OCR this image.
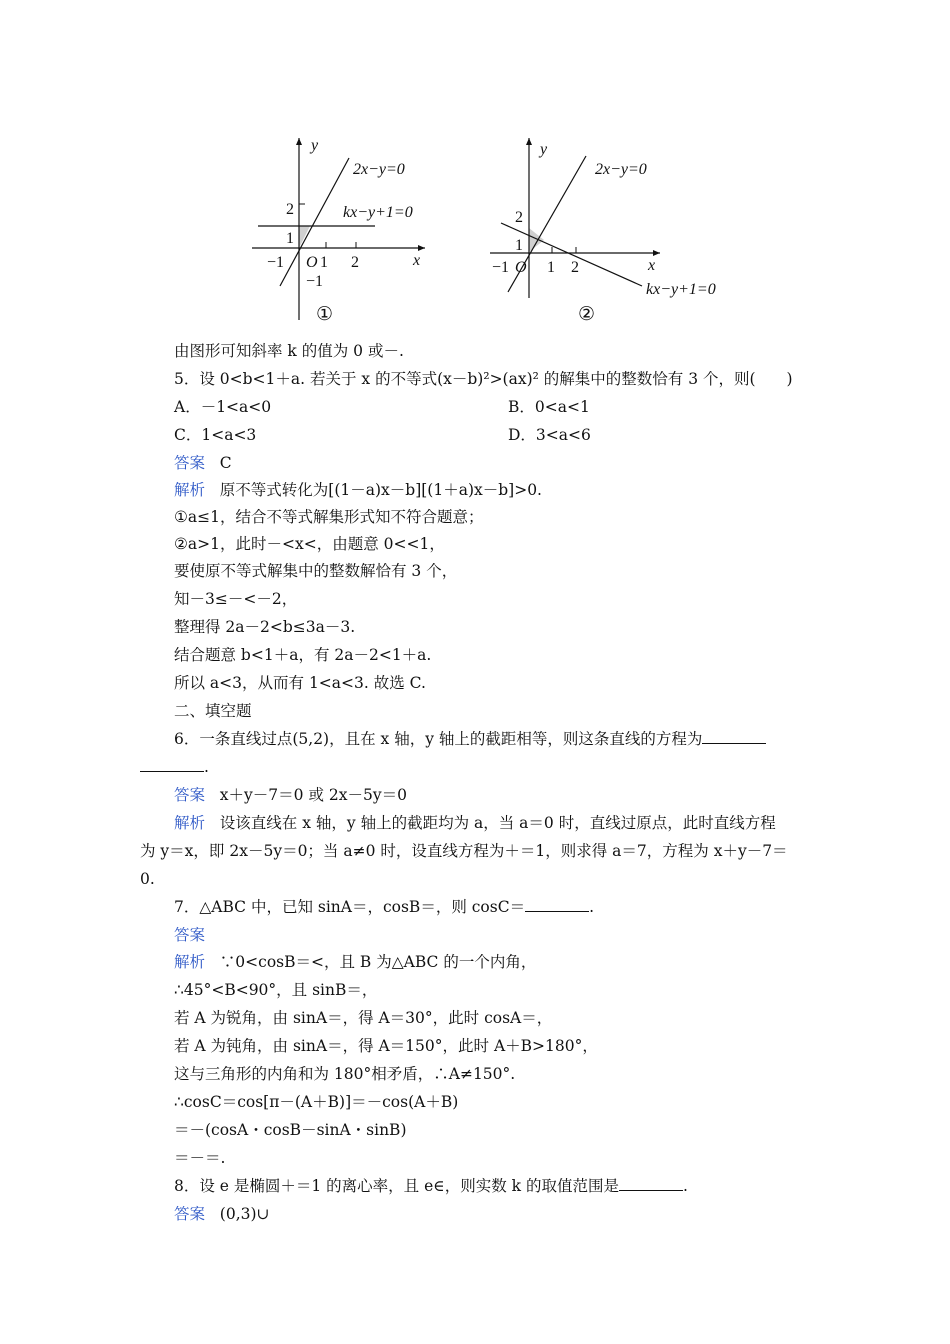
y
x
O
2
1
−1 1 2
−1
2x−y=0
kx−y+1=0
①
y
x
O
2
1
−1 1 2
2x−y=0
kx−y+1=0
②
由图形可知斜率 k 的值为 0 或－.
5．设 0<b<1＋a. 若关于 x 的不等式(x－b)²>(ax)² 的解集中的整数恰有 3 个，则(　　)
A．－1<a<0	B．0<a<1
C．1<a<3	D．3<a<6
答案 C
解析 原不等式转化为[(1－a)x－b][(1＋a)x－b]>0.
①a≤1，结合不等式解集形式知不符合题意；
②a>1，此时－<x<，由题意 0<<1，
要使原不等式解集中的整数解恰有 3 个，
知－3≤－<－2，
整理得 2a－2<b≤3a－3.
结合题意 b<1＋a，有 2a－2<1＋a.
所以 a<3，从而有 1<a<3. 故选 C.
二、填空题
6．一条直线过点(5,2)，且在 x 轴，y 轴上的截距相等，则这条直线的方程为
.
答案 x＋y－7＝0 或 2x－5y＝0
解析 设该直线在 x 轴，y 轴上的截距均为 a，当 a＝0 时，直线过原点，此时直线方程
为 y＝x，即 2x－5y＝0；当 a≠0 时，设直线方程为＋＝1，则求得 a＝7，方程为 x＋y－7＝
0.
7．△ABC 中，已知 sinA＝，cosB＝，则 cosC＝	.
答案
解析 ∵0<cosB＝<，且 B 为△ABC 的一个内角，
∴45°<B<90°，且 sinB＝，
若 A 为锐角，由 sinA＝，得 A＝30°，此时 cosA＝，
若 A 为钝角，由 sinA＝，得 A＝150°，此时 A＋B>180°，
这与三角形的内角和为 180°相矛盾，∴A≠150°.
∴cosC＝cos[π－(A＋B)]＝－cos(A＋B)
＝－(cosA・cosB－sinA・sinB)
＝－＝.
8．设 e 是椭圆＋＝1 的离心率，且 e∈，则实数 k 的取值范围是	.
答案 (0,3)∪
